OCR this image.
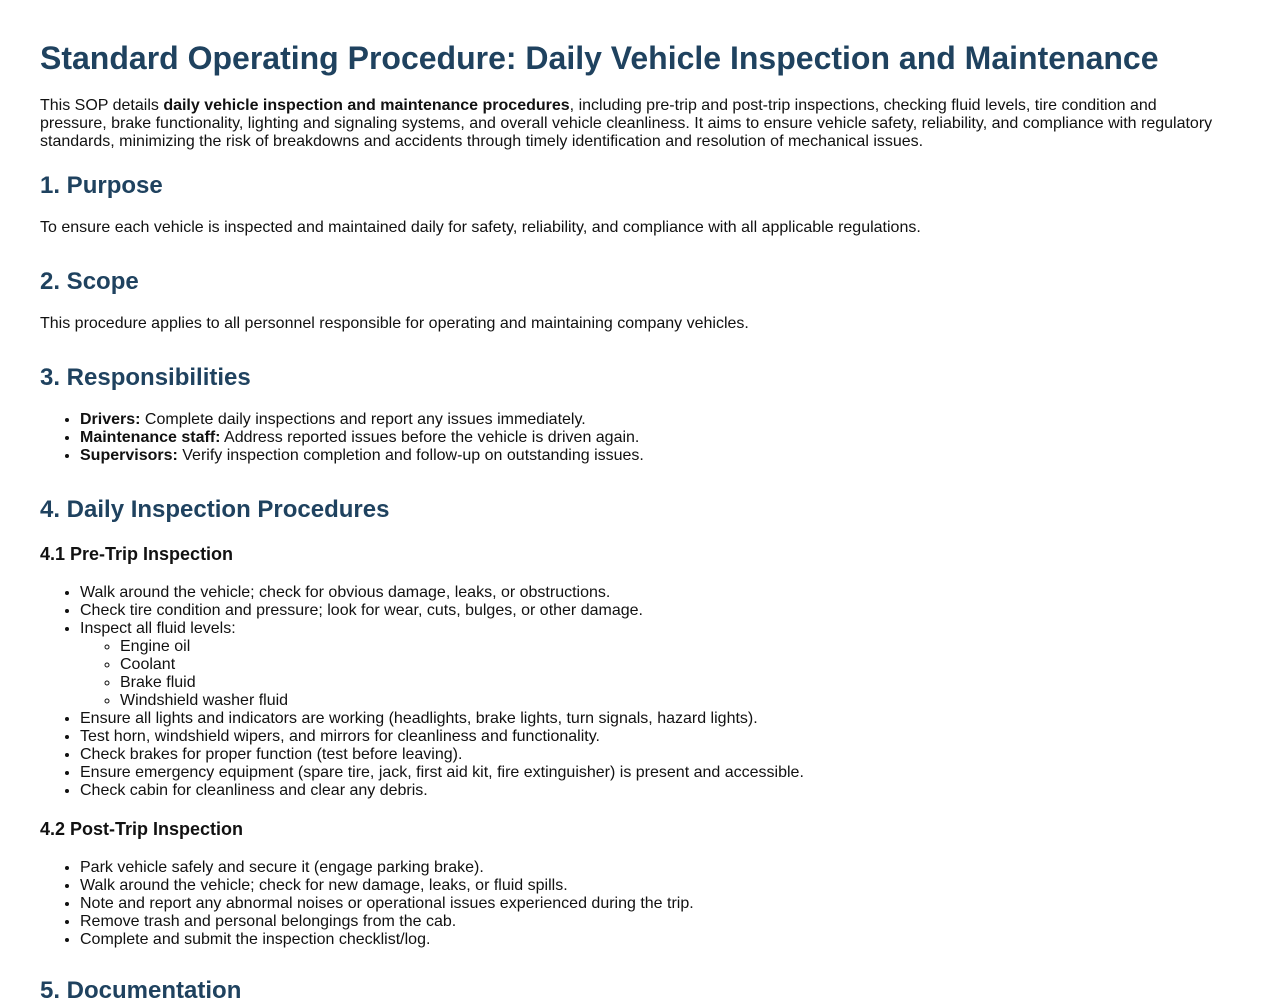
Standard Operating Procedure: Daily Vehicle Inspection and Maintenance

This SOP details daily vehicle inspection and maintenance procedures, including pre-trip and post-trip inspections, checking fluid levels, tire condition and pressure, brake functionality, lighting and signaling systems, and overall vehicle cleanliness. It aims to ensure vehicle safety, reliability, and compliance with regulatory standards, minimizing the risk of breakdowns and accidents through timely identification and resolution of mechanical issues.

1. Purpose

To ensure each vehicle is inspected and maintained daily for safety, reliability, and compliance with all applicable regulations.

2. Scope

This procedure applies to all personnel responsible for operating and maintaining company vehicles.

3. Responsibilities
• Drivers: Complete daily inspections and report any issues immediately.
• Maintenance staff: Address reported issues before the vehicle is driven again.
• Supervisors: Verify inspection completion and follow-up on outstanding issues.
4. Daily Inspection Procedures
4.1 Pre-Trip Inspection
• Walk around the vehicle; check for obvious damage, leaks, or obstructions.
• Check tire condition and pressure; look for wear, cuts, bulges, or other damage.
• Inspect all fluid levels:
◦ Engine oil
◦ Coolant
◦ Brake fluid
◦ Windshield washer fluid
• Ensure all lights and indicators are working (headlights, brake lights, turn signals, hazard lights).
• Test horn, windshield wipers, and mirrors for cleanliness and functionality.
• Check brakes for proper function (test before leaving).
• Ensure emergency equipment (spare tire, jack, first aid kit, fire extinguisher) is present and accessible.
• Check cabin for cleanliness and clear any debris.
4.2 Post-Trip Inspection
• Park vehicle safely and secure it (engage parking brake).
• Walk around the vehicle; check for new damage, leaks, or fluid spills.
• Note and report any abnormal noises or operational issues experienced during the trip.
• Remove trash and personal belongings from the cab.
• Complete and submit the inspection checklist/log.
5. Documentation
